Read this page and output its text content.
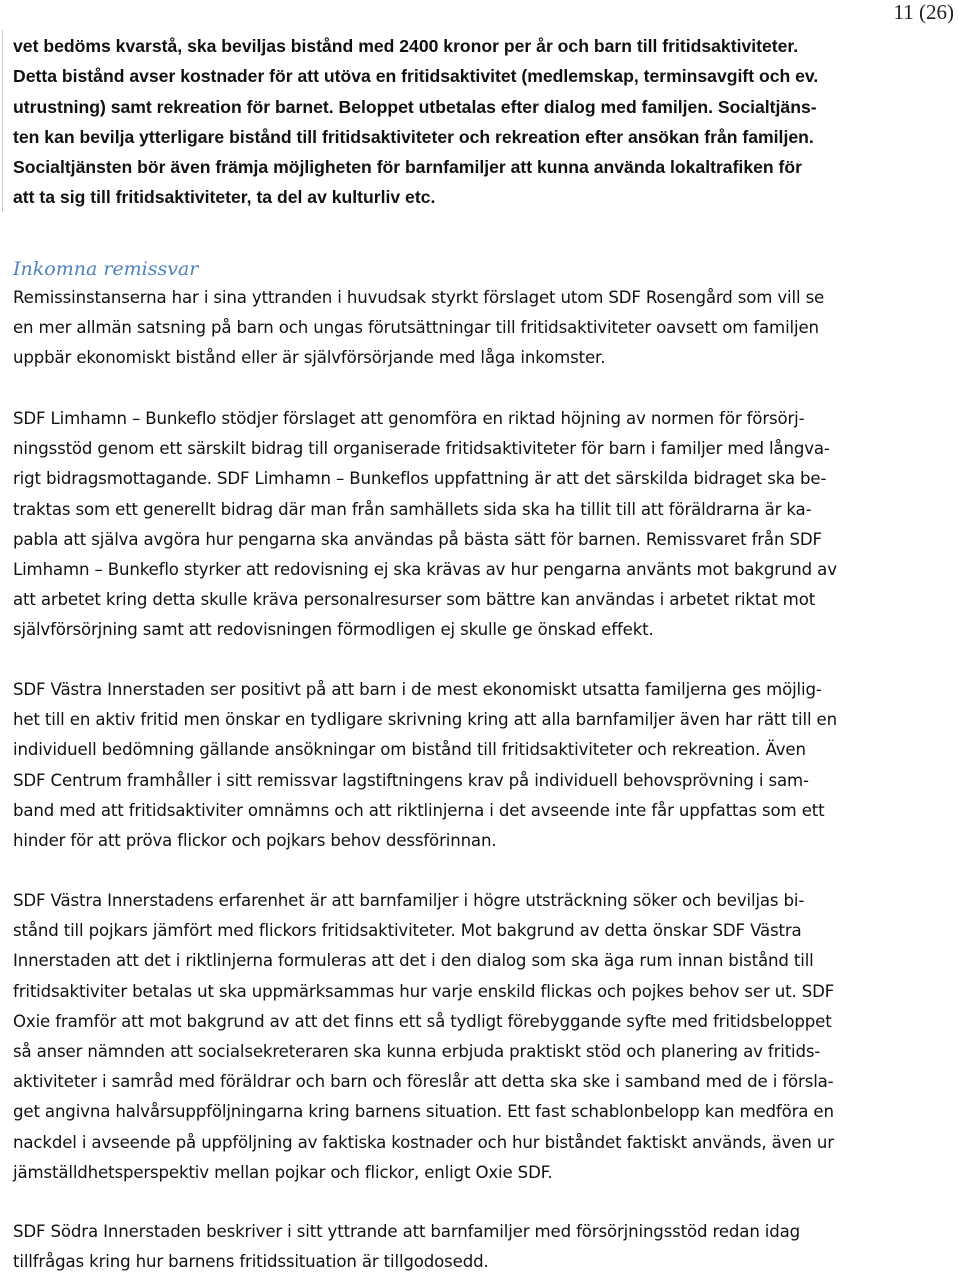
11 (26)
vet bedöms kvarstå, ska beviljas bistånd med 2400 kronor per år och barn till fritidsaktiviteter.
Detta bistånd avser kostnader för att utöva en fritidsaktivitet (medlemskap, terminsavgift och ev.
utrustning) samt rekreation för barnet. Beloppet utbetalas efter dialog med familjen. Socialtjäns-
ten kan bevilja ytterligare bistånd till fritidsaktiviteter och rekreation efter ansökan från familjen.
Socialtjänsten bör även främja möjligheten för barnfamiljer att kunna använda lokaltrafiken för
att ta sig till fritidsaktiviteter, ta del av kulturliv etc.
Inkomna remissvar
Remissinstanserna har i sina yttranden i huvudsak styrkt förslaget utom SDF Rosengård som vill se
en mer allmän satsning på barn och ungas förutsättningar till fritidsaktiviteter oavsett om familjen
uppbär ekonomiskt bistånd eller är självförsörjande med låga inkomster.
SDF Limhamn – Bunkeflo stödjer förslaget att genomföra en riktad höjning av normen för försörj-
ningsstöd genom ett särskilt bidrag till organiserade fritidsaktiviteter för barn i familjer med långva-
rigt bidragsmottagande. SDF Limhamn – Bunkeflos uppfattning är att det särskilda bidraget ska be-
traktas som ett generellt bidrag där man från samhällets sida ska ha tillit till att föräldrarna är ka-
pabla att själva avgöra hur pengarna ska användas på bästa sätt för barnen. Remissvaret från SDF
Limhamn – Bunkeflo styrker att redovisning ej ska krävas av hur pengarna använts mot bakgrund av
att arbetet kring detta skulle kräva personalresurser som bättre kan användas i arbetet riktat mot
självförsörjning samt att redovisningen förmodligen ej skulle ge önskad effekt.
SDF Västra Innerstaden ser positivt på att barn i de mest ekonomiskt utsatta familjerna ges möjlig-
het till en aktiv fritid men önskar en tydligare skrivning kring att alla barnfamiljer även har rätt till en
individuell bedömning gällande ansökningar om bistånd till fritidsaktiviteter och rekreation. Även
SDF Centrum framhåller i sitt remissvar lagstiftningens krav på individuell behovsprövning i sam-
band med att fritidsaktiviter omnämns och att riktlinjerna i det avseende inte får uppfattas som ett
hinder för att pröva flickor och pojkars behov dessförinnan.
SDF Västra Innerstadens erfarenhet är att barnfamiljer i högre utsträckning söker och beviljas bi-
stånd till pojkars jämfört med flickors fritidsaktiviteter. Mot bakgrund av detta önskar SDF Västra
Innerstaden att det i riktlinjerna formuleras att det i den dialog som ska äga rum innan bistånd till
fritidsaktiviter betalas ut ska uppmärksammas hur varje enskild flickas och pojkes behov ser ut. SDF
Oxie framför att mot bakgrund av att det finns ett så tydligt förebyggande syfte med fritidsbeloppet
så anser nämnden att socialsekreteraren ska kunna erbjuda praktiskt stöd och planering av fritids-
aktiviteter i samråd med föräldrar och barn och föreslår att detta ska ske i samband med de i försla-
get angivna halvårsuppföljningarna kring barnens situation. Ett fast schablonbelopp kan medföra en
nackdel i avseende på uppföljning av faktiska kostnader och hur biståndet faktiskt används, även ur
jämställdhetsperspektiv mellan pojkar och flickor, enligt Oxie SDF.
SDF Södra Innerstaden beskriver i sitt yttrande att barnfamiljer med försörjningsstöd redan idag
tillfrågas kring hur barnens fritidssituation är tillgodosedd.
